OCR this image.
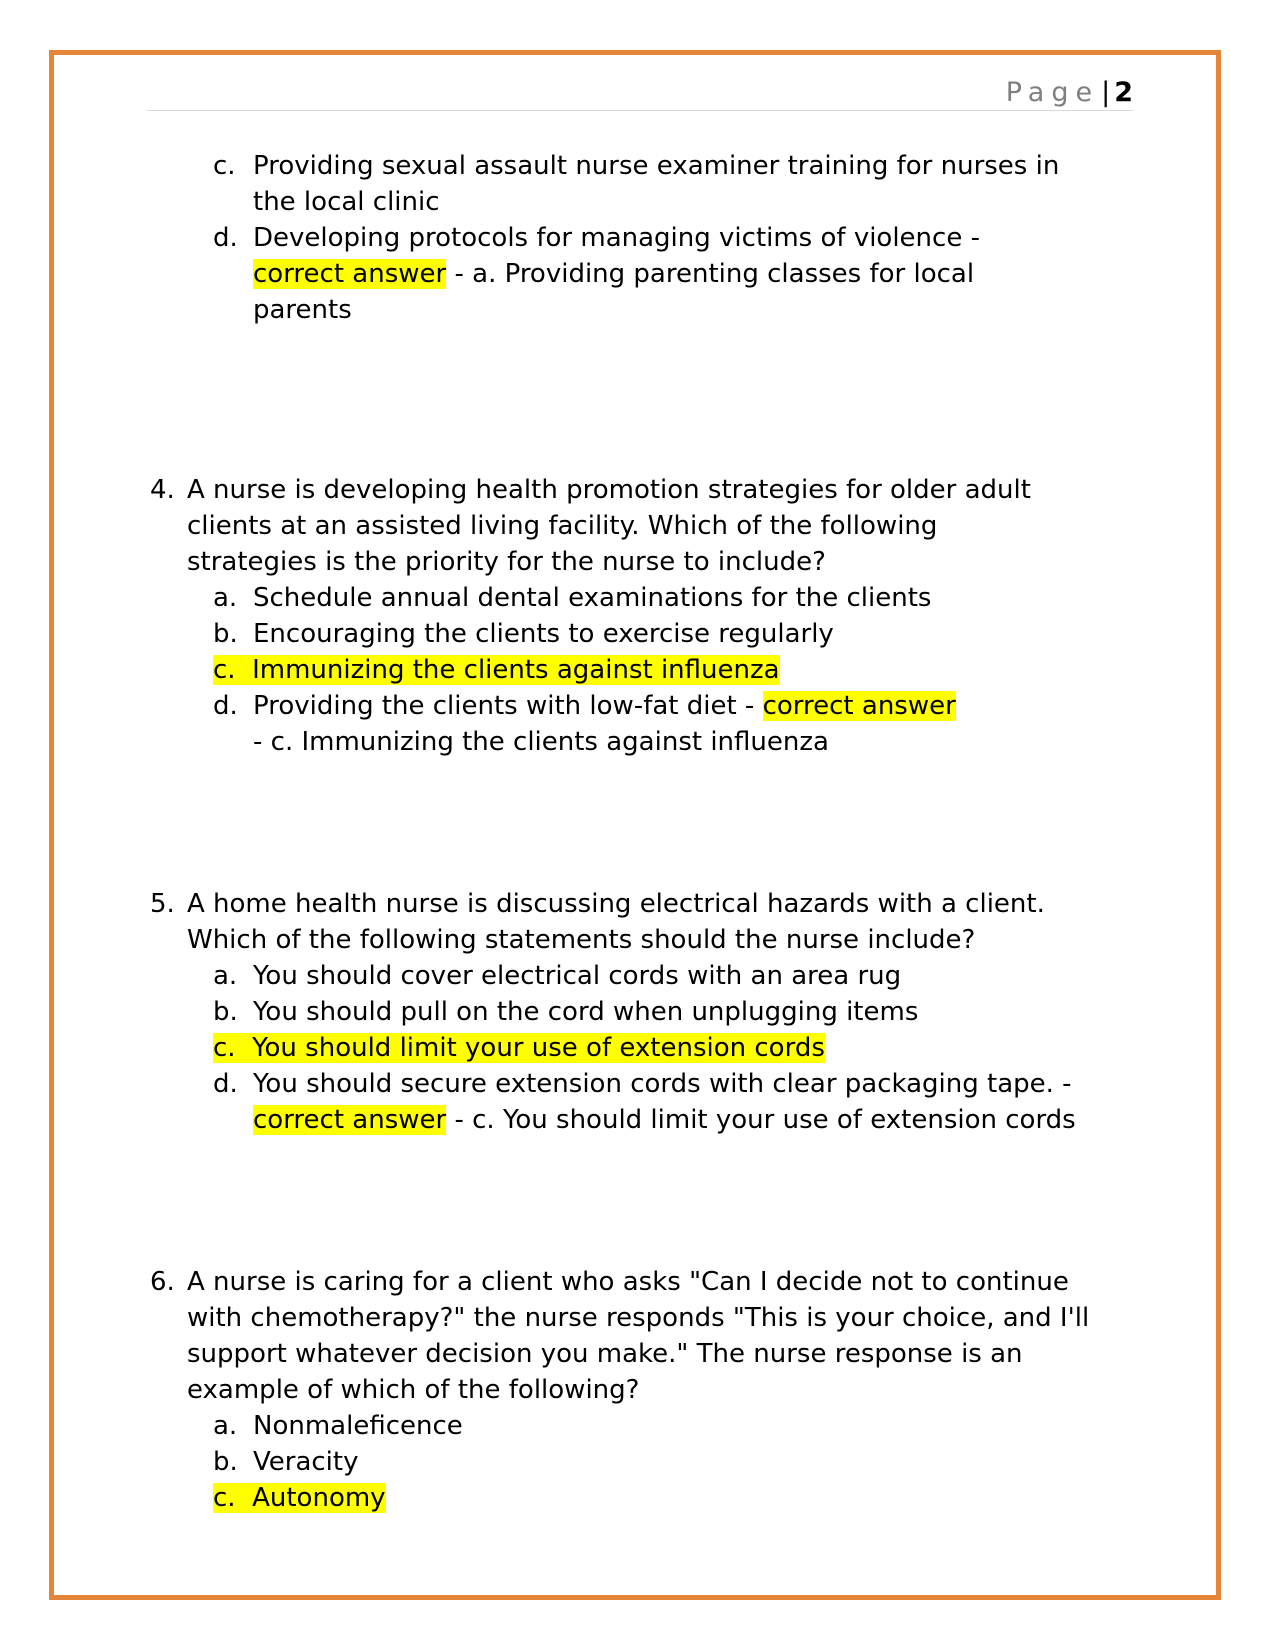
Page| 2
c. Providing sexual assault nurse examiner training for nurses in the local clinic
d. Developing protocols for managing victims of violence - correct answer - a. Providing parenting classes for local parents
4. A nurse is developing health promotion strategies for older adult clients at an assisted living facility. Which of the following strategies is the priority for the nurse to include?
a. Schedule annual dental examinations for the clients
b. Encouraging the clients to exercise regularly
c. Immunizing the clients against influenza
d. Providing the clients with low-fat diet - correct answer - c. Immunizing the clients against influenza
5. A home health nurse is discussing electrical hazards with a client. Which of the following statements should the nurse include?
a. You should cover electrical cords with an area rug
b. You should pull on the cord when unplugging items
c. You should limit your use of extension cords
d. You should secure extension cords with clear packaging tape. - correct answer - c. You should limit your use of extension cords
6. A nurse is caring for a client who asks "Can I decide not to continue with chemotherapy?" the nurse responds "This is your choice, and I'll support whatever decision you make." The nurse response is an example of which of the following?
a. Nonmaleficence
b. Veracity
c. Autonomy
